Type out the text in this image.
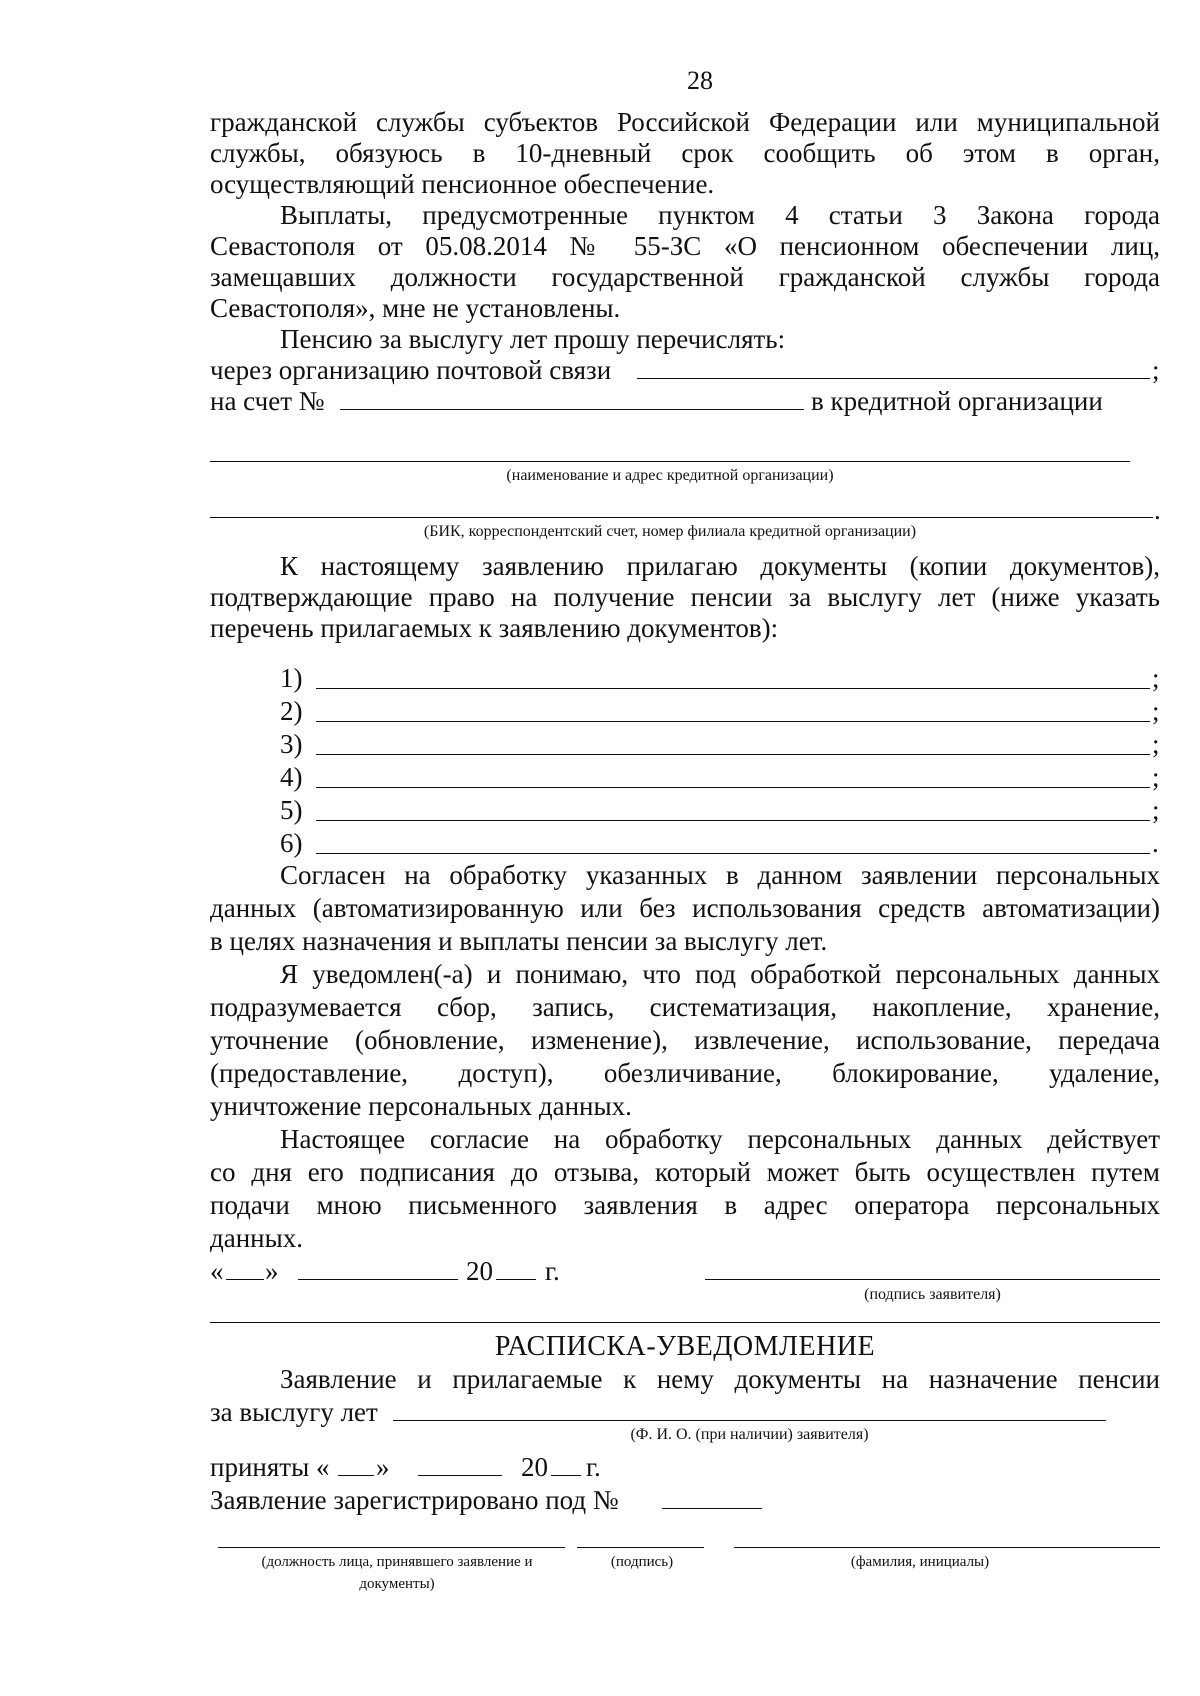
28
гражданской службы субъектов Российской Федерации или муниципальной
службы, обязуюсь в 10-дневный срок сообщить об этом в орган,
осуществляющий пенсионное обеспечение.
Выплаты, предусмотренные пунктом 4 статьи 3 Закона города
Севастополя от 05.08.2014 № 55-ЗС «О пенсионном обеспечении лиц,
замещавших должности государственной гражданской службы города
Севастополя», мне не установлены.
Пенсию за выслугу лет прошу перечислять:
через организацию почтовой связи	;
на счет №	в кредитной организации
(наименование и адрес кредитной организации)
.
(БИК, корреспондентский счет, номер филиала кредитной организации)
К настоящему заявлению прилагаю документы (копии документов),
подтверждающие право на получение пенсии за выслугу лет (ниже указать
перечень прилагаемых к заявлению документов):
1)	;
2)	;
3)	;
4)	;
5)	;
6)	.
Согласен на обработку указанных в данном заявлении персональных
данных (автоматизированную или без использования средств автоматизации)
в целях назначения и выплаты пенсии за выслугу лет.
Я уведомлен(-а) и понимаю, что под обработкой персональных данных
подразумевается сбор, запись, систематизация, накопление, хранение,
уточнение (обновление, изменение), извлечение, использование, передача
(предоставление, доступ), обезличивание, блокирование, удаление,
уничтожение персональных данных.
Настоящее согласие на обработку персональных данных действует
со дня его подписания до отзыва, который может быть осуществлен путем
подачи мною письменного заявления в адрес оператора персональных
данных.
« »	20 г.
(подпись заявителя)
РАСПИСКА-УВЕДОМЛЕНИЕ
Заявление и прилагаемые к нему документы на назначение пенсии
за выслугу лет
(Ф. И. О. (при наличии) заявителя)
приняты « »	20 г.
Заявление зарегистрировано под №
(должность лица, принявшего заявление и
документы)
(подпись)	(фамилия, инициалы)
